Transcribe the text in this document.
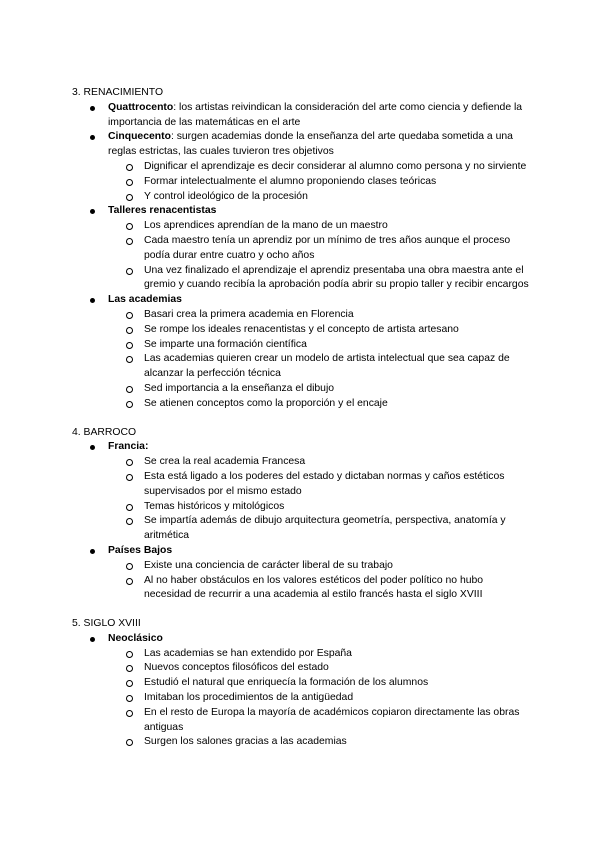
3. RENACIMIENTO
Quattrocento: los artistas reivindican la consideración del arte como ciencia y defiende la importancia de las matemáticas en el arte
Cinquecento: surgen academias donde la enseñanza del arte quedaba sometida a una reglas estrictas, las cuales tuvieron tres objetivos
Dignificar el aprendizaje es decir considerar al alumno como persona y no sirviente
Formar intelectualmente el alumno proponiendo clases teóricas
Y control ideológico de la procesión
Talleres renacentistas
Los aprendices aprendían de la mano de un maestro
Cada maestro tenía un aprendiz por un mínimo de tres años aunque el proceso podía durar entre cuatro y ocho años
Una vez finalizado el aprendizaje el aprendiz presentaba una obra maestra ante el gremio y cuando recibía la aprobación podía abrir su propio taller y recibir encargos
Las academias
Basari crea la primera academia en Florencia
Se rompe los ideales renacentistas y el concepto de artista artesano
Se imparte una formación científica
Las academias quieren crear un modelo de artista intelectual que sea capaz de alcanzar la perfección técnica
Sed importancia a la enseñanza el dibujo
Se atienen conceptos como la proporción y el encaje
4. BARROCO
Francia:
Se crea la real academia Francesa
Esta está ligado a los poderes del estado y dictaban normas y caños estéticos supervisados por el mismo estado
Temas históricos y mitológicos
Se impartía además de dibujo arquitectura geometría, perspectiva, anatomía y aritmética
Países Bajos
Existe una conciencia de carácter liberal de su trabajo
Al no haber obstáculos en los valores estéticos del poder político no hubo necesidad de recurrir a una academia al estilo francés hasta el siglo XVIII
5. SIGLO XVIII
Neoclásico
Las academias se han extendido por España
Nuevos conceptos filosóficos del estado
Estudió el natural que enriquecía la formación de los alumnos
Imitaban los procedimientos de la antigüedad
En el resto de Europa la mayoría de académicos copiaron directamente las obras antiguas
Surgen los salones gracias a las academias
